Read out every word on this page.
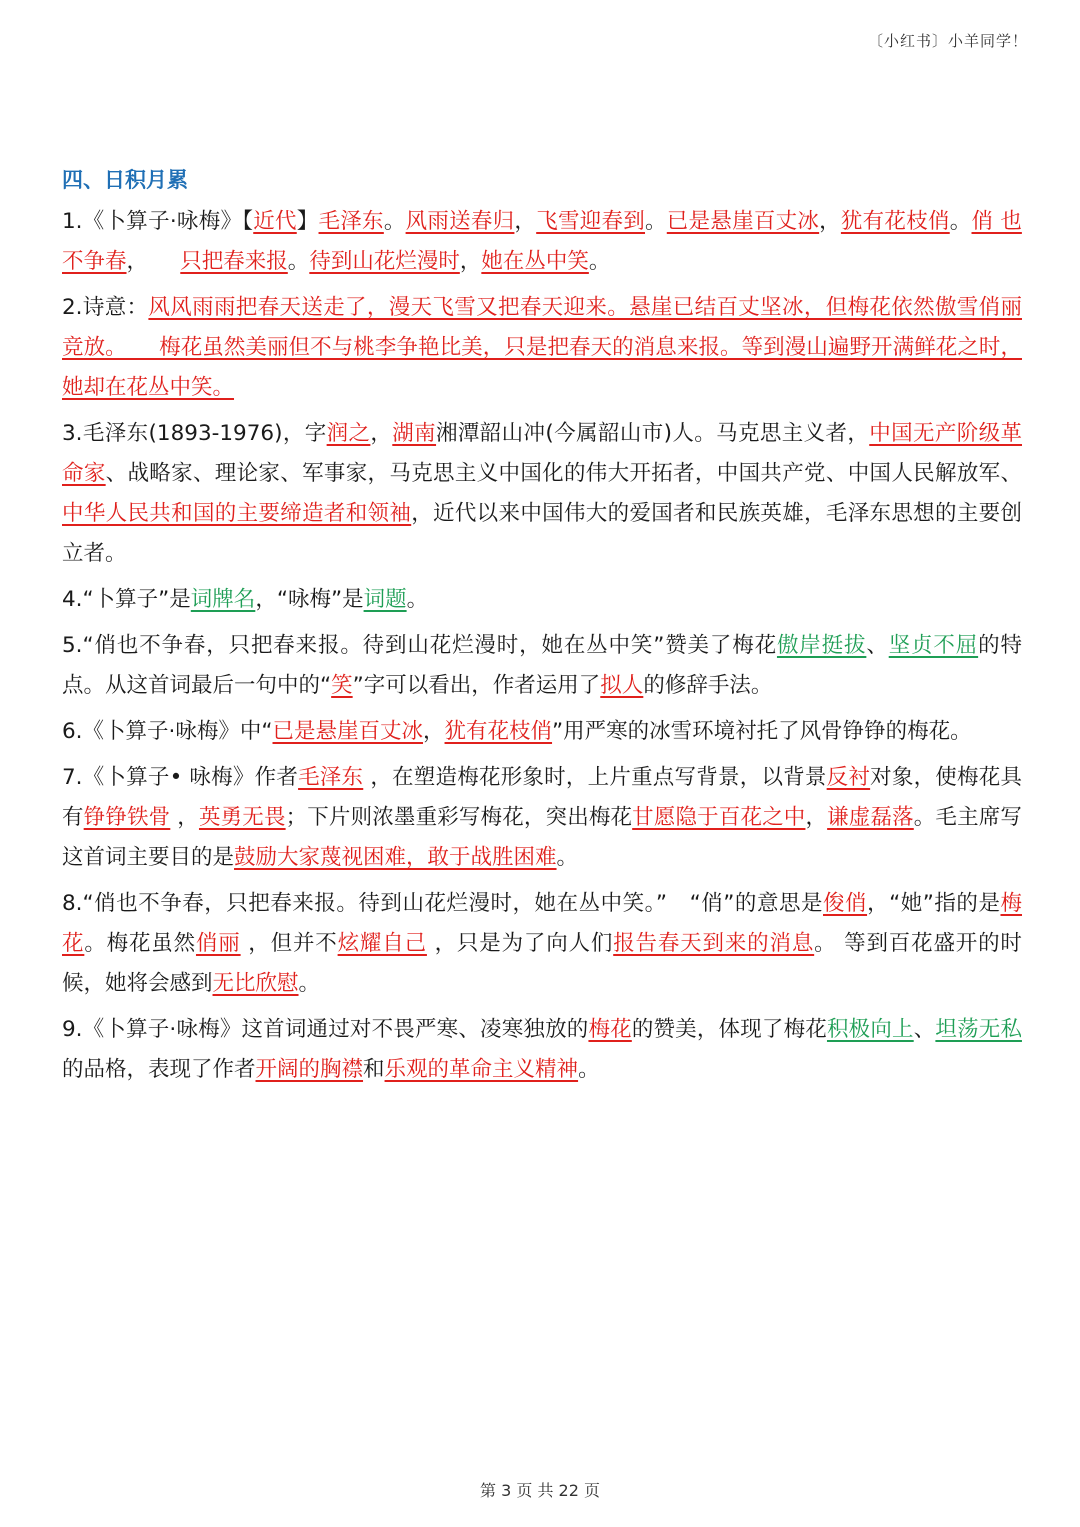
〔小红书〕小羊同学！
四、日积月累

1.《卜算子·咏梅》【近代】毛泽东。风雨送春归，飞雪迎春到。已是悬崖百丈冰，犹有花枝俏。俏 也不争春，　　只把春来报。待到山花烂漫时，她在丛中笑。

2.诗意：风风雨雨把春天送走了，漫天飞雪又把春天迎来。悬崖已结百丈坚冰，但梅花依然傲雪俏丽竞放。　　梅花虽然美丽但不与桃李争艳比美，只是把春天的消息来报。等到漫山遍野开满鲜花之时，她却在花丛中笑。

3.毛泽东(1893-1976)，字润之，湖南湘潭韶山冲(今属韶山市)人。马克思主义者，中国无产阶级革命家、战略家、理论家、军事家，马克思主义中国化的伟大开拓者，中国共产党、中国人民解放军、中华人民共和国的主要缔造者和领袖，近代以来中国伟大的爱国者和民族英雄，毛泽东思想的主要创立者。

4.“卜算子”是词牌名，“咏梅”是词题。

5.“俏也不争春，只把春来报。待到山花烂漫时，她在丛中笑”赞美了梅花傲岸挺拔、坚贞不屈的特点。从这首词最后一句中的“笑”字可以看出，作者运用了拟人的修辞手法。

6.《卜算子·咏梅》中“已是悬崖百丈冰，犹有花枝俏”用严寒的冰雪环境衬托了风骨铮铮的梅花。

7.《卜算子• 咏梅》作者毛泽东 ，在塑造梅花形象时，上片重点写背景，以背景反衬对象，使梅花具有铮铮铁骨 ，英勇无畏；下片则浓墨重彩写梅花，突出梅花甘愿隐于百花之中，谦虚磊落。毛主席写这首词主要目的是鼓励大家蔑视困难，敢于战胜困难。

8.“俏也不争春，只把春来报。待到山花烂漫时，她在丛中笑。”　“俏”的意思是俊俏，“她”指的是梅花。梅花虽然俏丽 ，但并不炫耀自己 ，只是为了向人们报告春天到来的消息。 等到百花盛开的时候，她将会感到无比欣慰。

9.《卜算子·咏梅》这首词通过对不畏严寒、凌寒独放的梅花的赞美，体现了梅花积极向上、坦荡无私的品格，表现了作者开阔的胸襟和乐观的革命主义精神。

第 3 页 共 22 页
